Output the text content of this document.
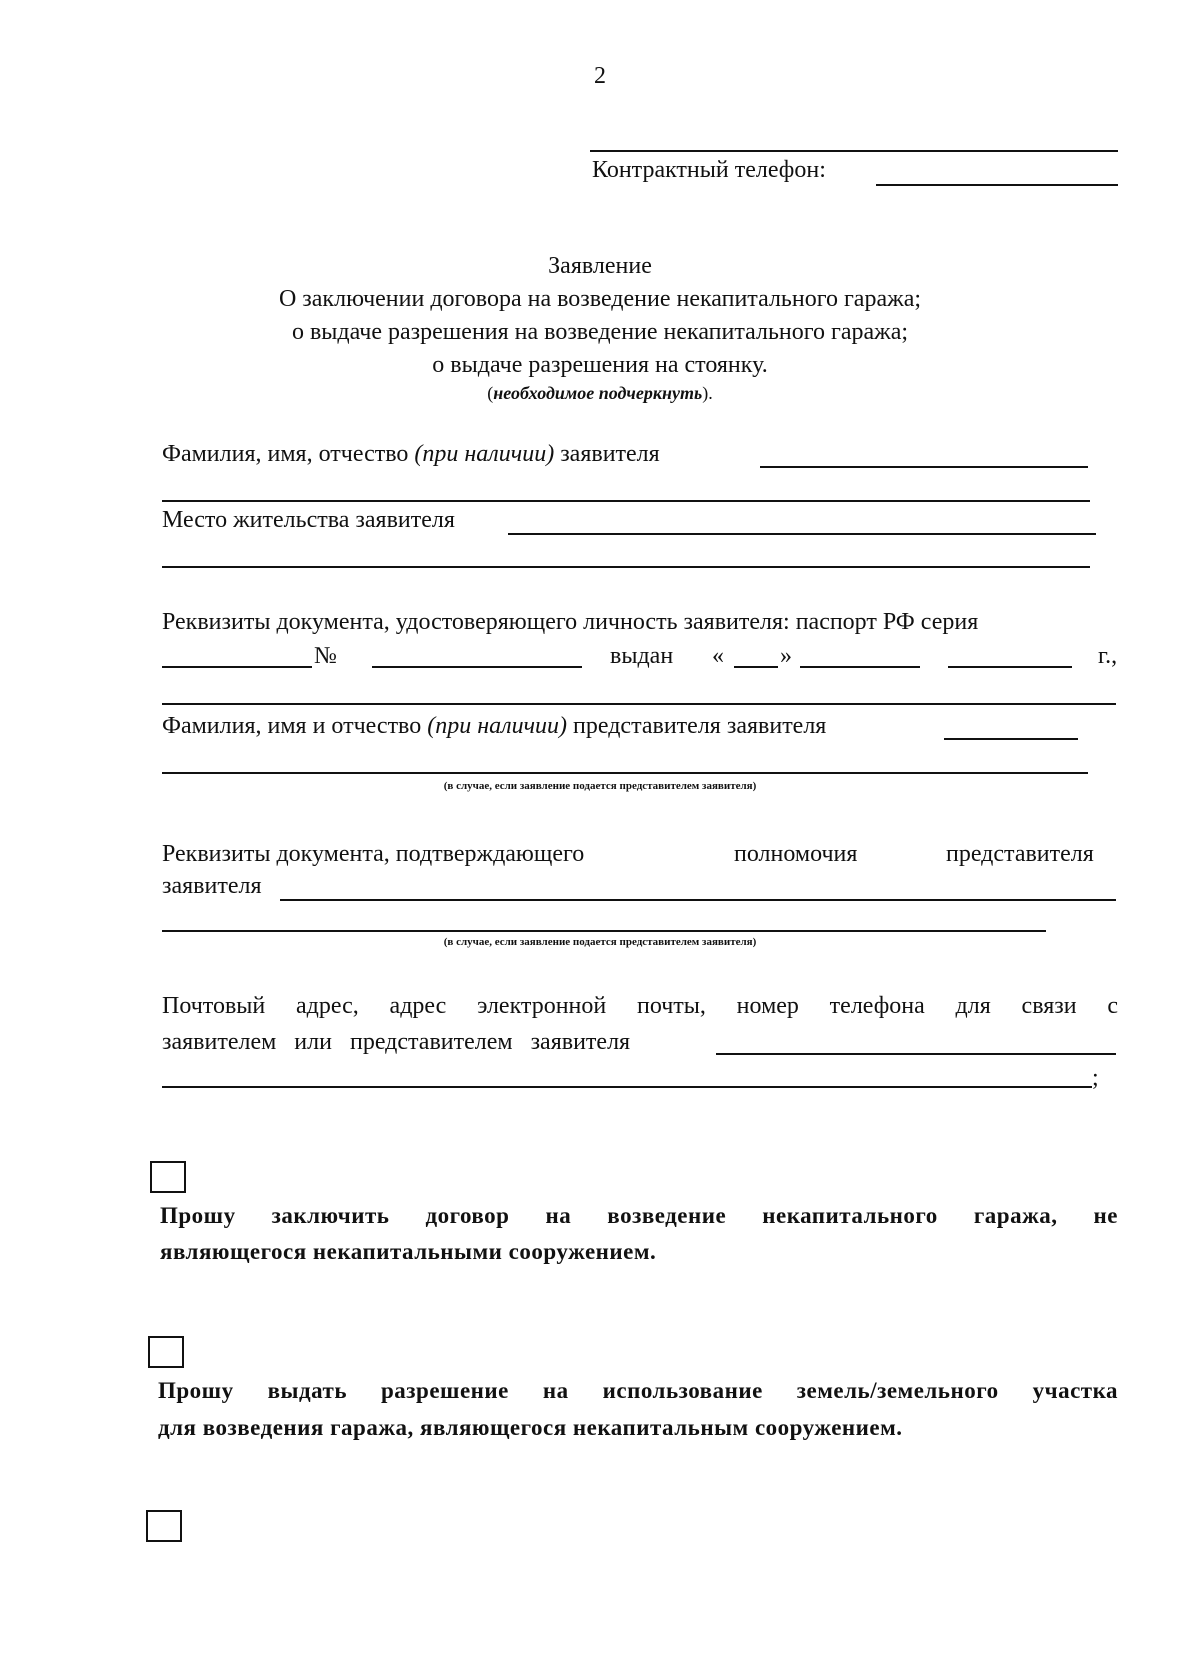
2
Контрактный телефон:
Заявление
О заключении договора на возведение некапитального гаража;
о выдаче разрешения на возведение некапитального гаража;
о выдаче разрешения на стоянку.
(необходимое подчеркнуть).
Фамилия, имя, отчество (при наличии) заявителя
Место жительства заявителя
Реквизиты документа, удостоверяющего личность заявителя: паспорт РФ серия
№	выдан « »	г.,
Фамилия, имя и отчество (при наличии) представителя заявителя
(в случае, если заявление подается представителем заявителя)
Реквизиты документа, подтверждающего	полномочия	представителя
заявителя
(в случае, если заявление подается представителем заявителя)
Почтовый адрес, адрес электронной почты, номер телефона для связи с
заявителем или представителем заявителя
;
Прошу заключить договор на возведение некапитального гаража, не
являющегося некапитальными сооружением.
Прошу выдать разрешение на использование земель/земельного участка
для возведения гаража, являющегося некапитальным сооружением.
